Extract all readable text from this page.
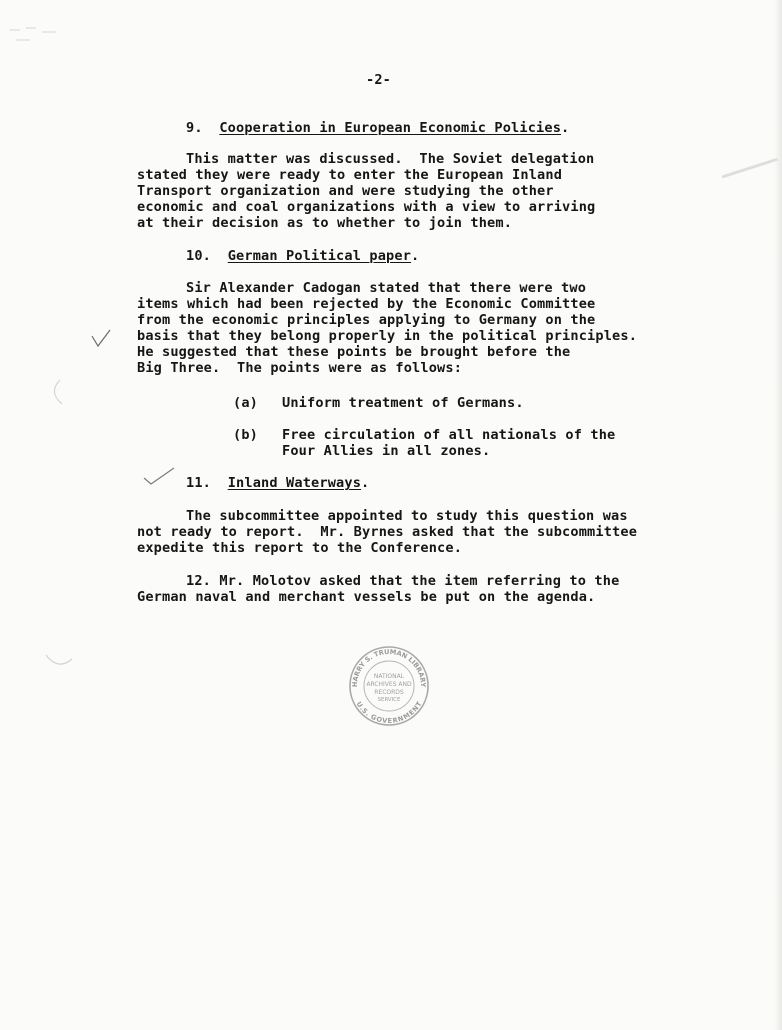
-2-
9. Cooperation in European Economic Policies.
This matter was discussed.  The Soviet delegation
stated they were ready to enter the European Inland
Transport organization and were studying the other
economic and coal organizations with a view to arriving
at their decision as to whether to join them.
10. German Political paper.
Sir Alexander Cadogan stated that there were two
items which had been rejected by the Economic Committee
from the economic principles applying to Germany on the
basis that they belong properly in the political principles.
He suggested that these points be brought before the
Big Three.  The points were as follows:
(a) Uniform treatment of Germans.
(b) Free circulation of all nationals of the
Four Allies in all zones.
11. Inland Waterways.
The subcommittee appointed to study this question was
not ready to report.  Mr. Byrnes asked that the subcommittee
expedite this report to the Conference.
12. Mr. Molotov asked that the item referring to the
German naval and merchant vessels be put on the agenda.
HARRY S. TRUMAN LIBRARY
U.S. GOVERNMENT
NATIONAL
ARCHIVES AND
RECORDS
SERVICE
